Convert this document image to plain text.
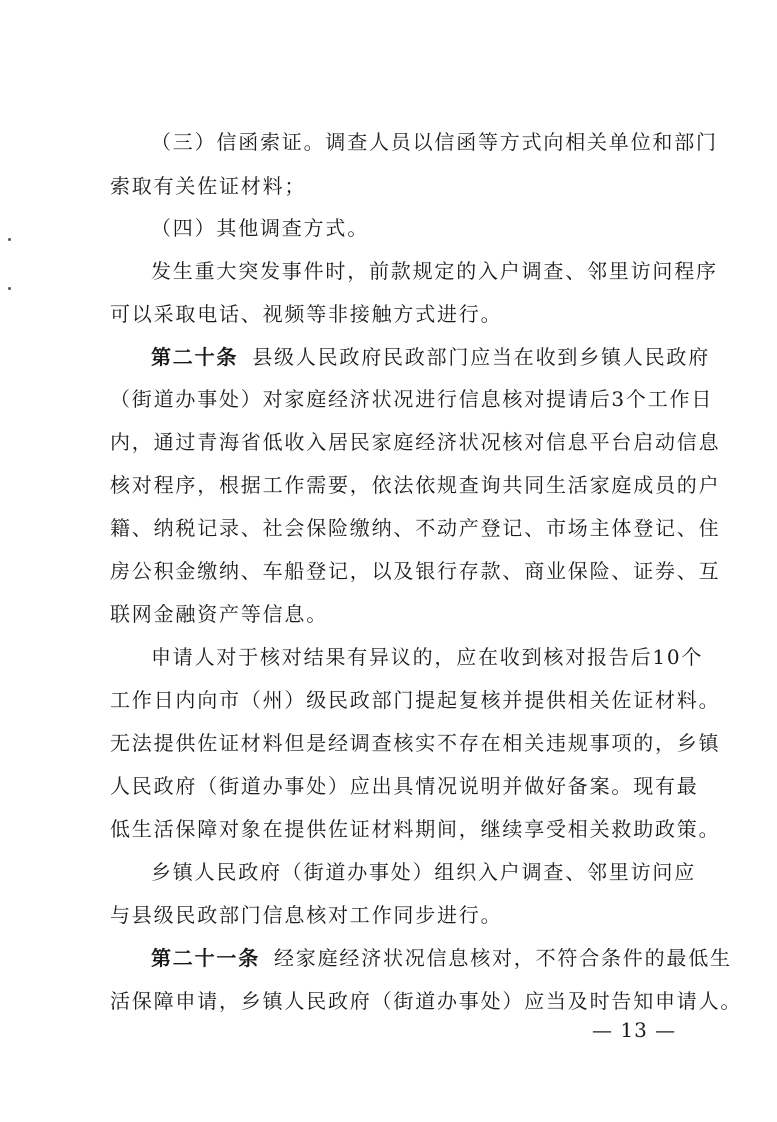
（三）信函索证。调查人员以信函等方式向相关单位和部门
索取有关佐证材料；
（四）其他调查方式。
发生重大突发事件时，前款规定的入户调查、邻里访问程序
可以采取电话、视频等非接触方式进行。
第二十条 县级人民政府民政部门应当在收到乡镇人民政府
（街道办事处）对家庭经济状况进行信息核对提请后3个工作日
内，通过青海省低收入居民家庭经济状况核对信息平台启动信息
核对程序，根据工作需要，依法依规查询共同生活家庭成员的户
籍、纳税记录、社会保险缴纳、不动产登记、市场主体登记、住
房公积金缴纳、车船登记，以及银行存款、商业保险、证券、互
联网金融资产等信息。
申请人对于核对结果有异议的，应在收到核对报告后10个
工作日内向市（州）级民政部门提起复核并提供相关佐证材料。
无法提供佐证材料但是经调查核实不存在相关违规事项的，乡镇
人民政府（街道办事处）应出具情况说明并做好备案。现有最
低生活保障对象在提供佐证材料期间，继续享受相关救助政策。
乡镇人民政府（街道办事处）组织入户调查、邻里访问应
与县级民政部门信息核对工作同步进行。
第二十一条 经家庭经济状况信息核对，不符合条件的最低生
活保障申请，乡镇人民政府（街道办事处）应当及时告知申请人。
— 13 —
